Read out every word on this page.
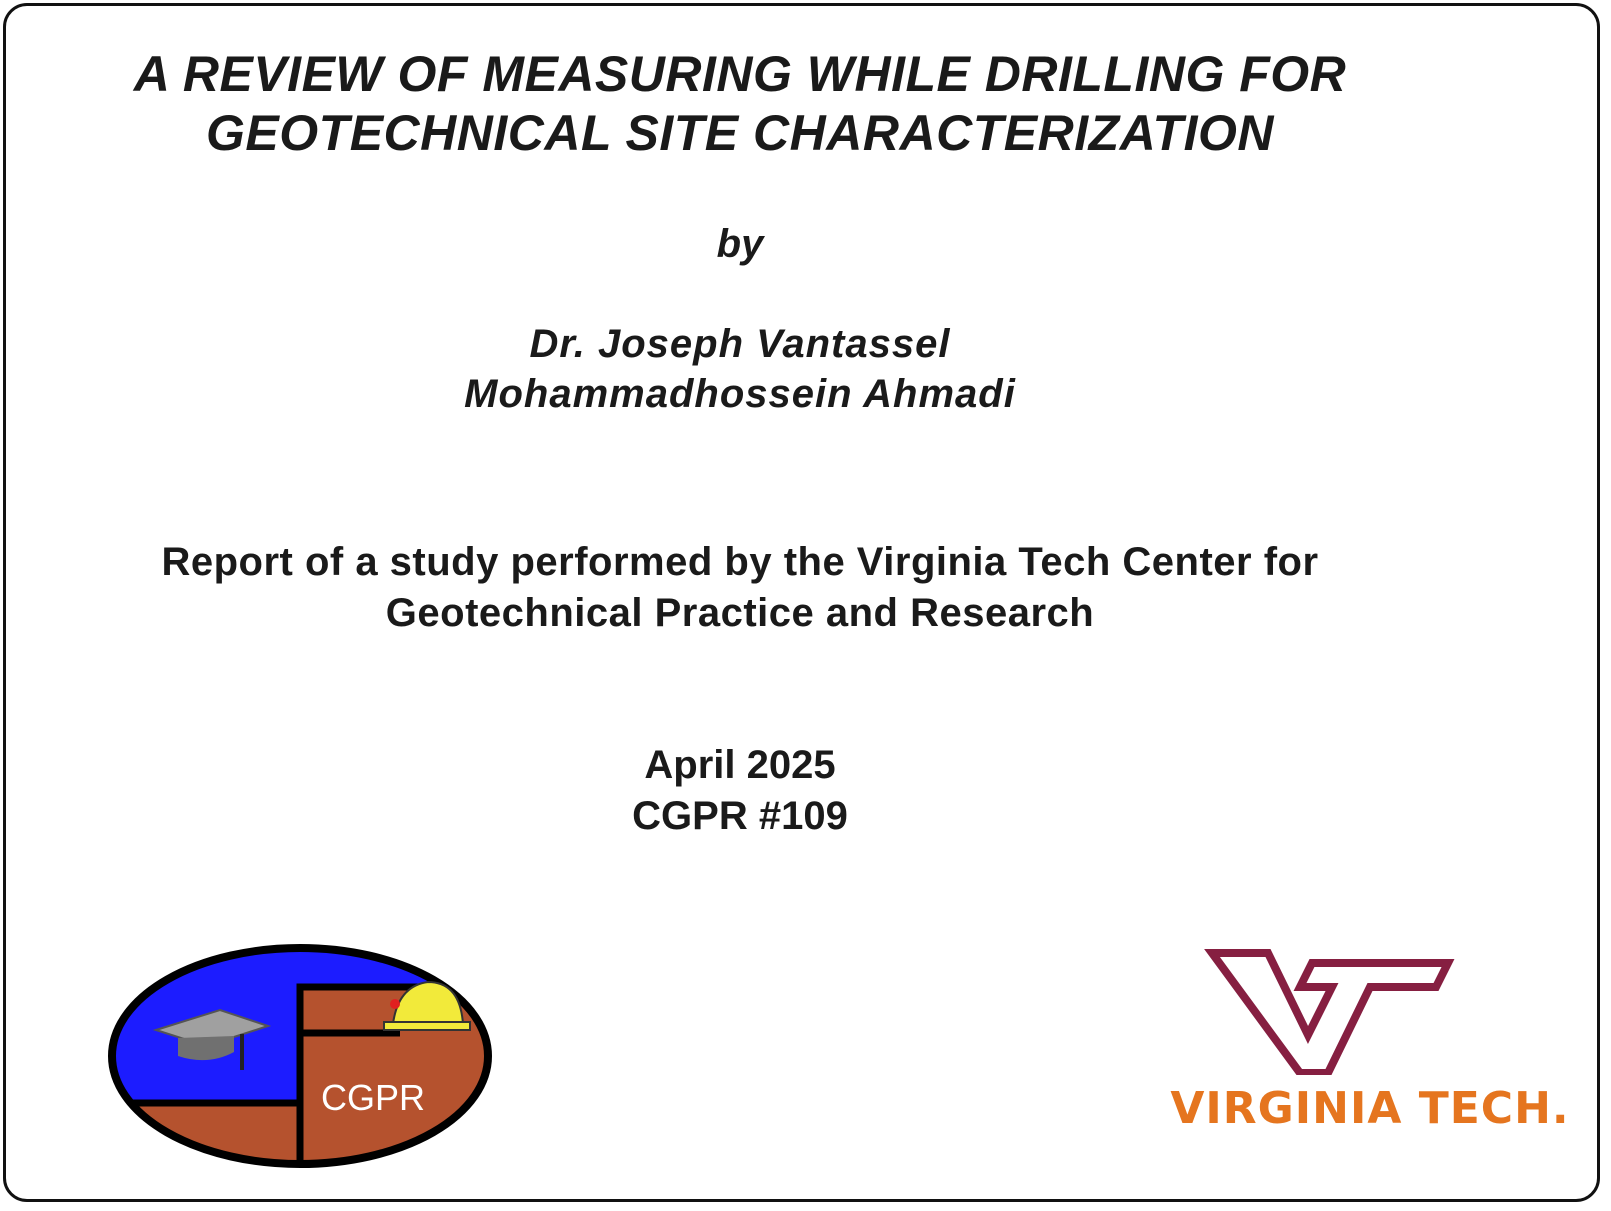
A REVIEW OF MEASURING WHILE DRILLING FOR
GEOTECHNICAL SITE CHARACTERIZATION
by
Dr. Joseph Vantassel
Mohammadhossein Ahmadi
Report of a study performed by the Virginia Tech Center for
Geotechnical Practice and Research
April 2025
CGPR #109
CGPR	VIRGINIA TECH.
